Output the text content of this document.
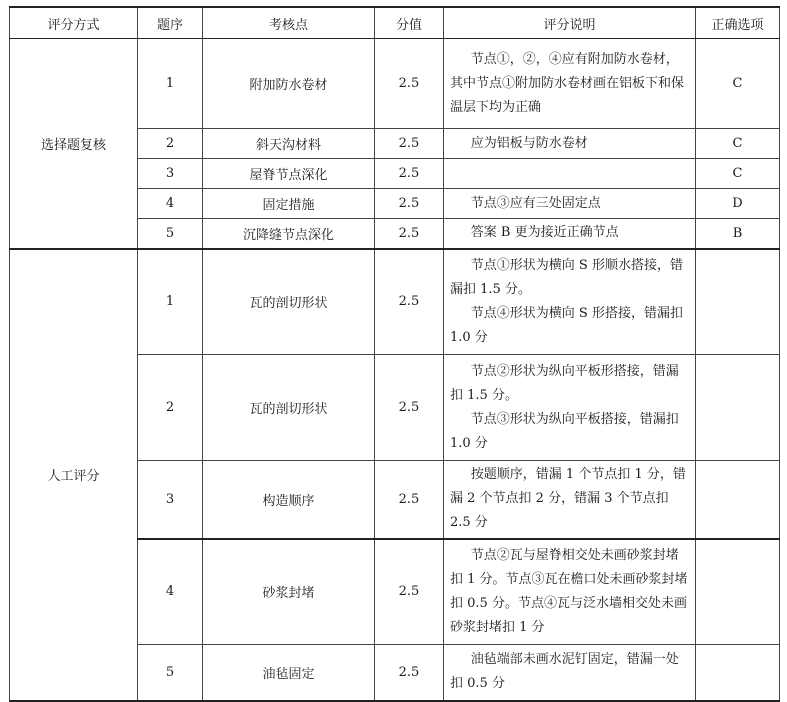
评分方式	题序	考核点	分值	评分说明	正确选项
选择题复核	1	附加防水卷材	2.5	节点①，②，④应有附加防水卷材，其中节点①附加防水卷材画在铝板下和保温层下均为正确	C
	2	斜天沟材料	2.5	应为铝板与防水卷材	C
	3	屋脊节点深化	2.5		C
	4	固定措施	2.5	节点③应有三处固定点	D
	5	沉降缝节点深化	2.5	答案 B 更为接近正确节点	B
人工评分	1	瓦的剖切形状	2.5	节点①形状为横向 S 形顺水搭接，错漏扣 1.5 分。

节点④形状为横向 S 形搭接，错漏扣 1.0 分	

	2	瓦的剖切形状	2.5	节点②形状为纵向平板形搭接，错漏扣 1.5 分。

节点③形状为纵向平板搭接，错漏扣 1.0 分	

	3	构造顺序	2.5	按题顺序，错漏 1 个节点扣 1 分，错漏 2 个节点扣 2 分，错漏 3 个节点扣 2.5 分	

	4	砂浆封堵	2.5	节点②瓦与屋脊相交处未画砂浆封堵扣 1 分。节点③瓦在檐口处未画砂浆封堵扣 0.5 分。节点④瓦与泛水墙相交处未画砂浆封堵扣 1 分	

	5	油毡固定	2.5	油毡端部未画水泥钉固定，错漏一处扣 0.5 分	
